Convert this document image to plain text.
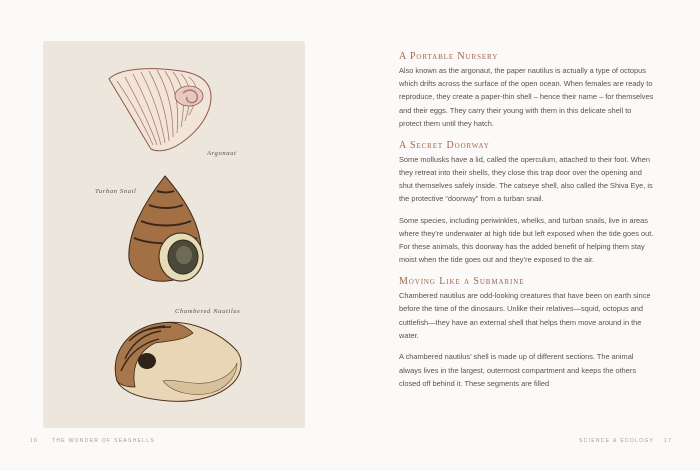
Argonaut

Turban Snail

Chambered Nautilus

16	THE WONDER OF SEASHELLS

A Portable Nursery

Also known as the argonaut, the paper nautilus is actually a type of octopus which drifts across the surface of the open ocean. When females are ready to reproduce, they create a paper-thin shell – hence their name – for themselves and their eggs. They carry their young with them in this delicate shell to protect them until they hatch.

A Secret Doorway

Some mollusks have a lid, called the operculum, attached to their foot. When they retreat into their shells, they close this trap door over the opening and shut themselves safely inside. The catseye shell, also called the Shiva Eye, is the protective “doorway” from a turban snail.

Some species, including periwinkles, whelks, and turban snails, live in areas where they’re underwater at high tide but left exposed when the tide goes out. For these animals, this doorway has the added benefit of helping them stay moist when the tide goes out and they’re exposed to the air.

Moving Like a Submarine

Chambered nautilus are odd-looking creatures that have been on earth since before the time of the dinosaurs. Unlike their relatives—squid, octopus and cuttlefish—they have an external shell that helps them move around in the water.

A chambered nautilus’ shell is made up of different sections. The animal always lives in the largest, outermost compartment and keeps the others closed off behind it. These segments are filled

SCIENCE & ECOLOGY 17
